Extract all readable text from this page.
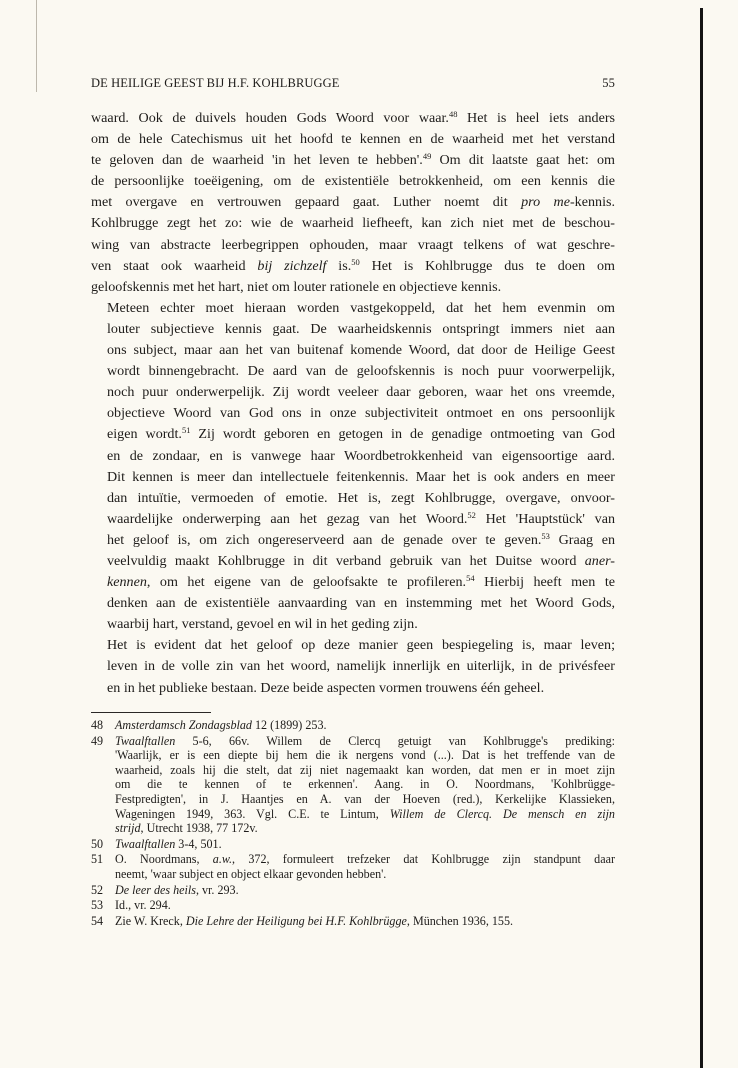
DE HEILIGE GEEST BIJ H.F. KOHLBRUGGE	55

waard. Ook de duivels houden Gods Woord voor waar.$^{48}$ Het is heel iets anders
om de hele Catechismus uit het hoofd te kennen en de waarheid met het verstand
te geloven dan de waarheid 'in het leven te hebben'.$^{49}$ Om dit laatste gaat het: om
de persoonlijke toeëigening, om de existentiële betrokkenheid, om een kennis die
met overgave en vertrouwen gepaard gaat. Luther noemt dit pro me-kennis.
Kohlbrugge zegt het zo: wie de waarheid liefheeft, kan zich niet met de beschou-
wing van abstracte leerbegrippen ophouden, maar vraagt telkens of wat geschre-
ven staat ook waarheid bij zichzelf is.$^{50}$ Het is Kohlbrugge dus te doen om
geloofskennis met het hart, niet om louter rationele en objectieve kennis.

Meteen echter moet hieraan worden vastgekoppeld, dat het hem evenmin om
louter subjectieve kennis gaat. De waarheidskennis ontspringt immers niet aan
ons subject, maar aan het van buitenaf komende Woord, dat door de Heilige Geest
wordt binnengebracht. De aard van de geloofskennis is noch puur voorwerpelijk,
noch puur onderwerpelijk. Zij wordt veeleer daar geboren, waar het ons vreemde,
objectieve Woord van God ons in onze subjectiviteit ontmoet en ons persoonlijk
eigen wordt.$^{51}$ Zij wordt geboren en getogen in de genadige ontmoeting van God
en de zondaar, en is vanwege haar Woordbetrokkenheid van eigensoortige aard.
Dit kennen is meer dan intellectuele feitenkennis. Maar het is ook anders en meer
dan intuïtie, vermoeden of emotie. Het is, zegt Kohlbrugge, overgave, onvoor-
waardelijke onderwerping aan het gezag van het Woord.$^{52}$ Het 'Hauptstück' van
het geloof is, om zich ongereserveerd aan de genade over te geven.$^{53}$ Graag en
veelvuldig maakt Kohlbrugge in dit verband gebruik van het Duitse woord aner-
kennen, om het eigene van de geloofsakte te profileren.$^{54}$ Hierbij heeft men te
denken aan de existentiële aanvaarding van en instemming met het Woord Gods,
waarbij hart, verstand, gevoel en wil in het geding zijn.

Het is evident dat het geloof op deze manier geen bespiegeling is, maar leven;
leven in de volle zin van het woord, namelijk innerlijk en uiterlijk, in de privésfeer
en in het publieke bestaan. Deze beide aspecten vormen trouwens één geheel.

48 Amsterdamsch Zondagsblad 12 (1899) 253.
49 Twaalftallen 5-6, 66v. Willem de Clercq getuigt van Kohlbrugge's prediking:
'Waarlijk, er is een diepte bij hem die ik nergens vond (...). Dat is het treffende van de
waarheid, zoals hij die stelt, dat zij niet nagemaakt kan worden, dat men er in moet zijn
om die te kennen of te erkennen'. Aang. in O. Noordmans, 'Kohlbrügge-
Festpredigten', in J. Haantjes en A. van der Hoeven (red.), Kerkelijke Klassieken,
Wageningen 1949, 363. Vgl. C.E. te Lintum, Willem de Clercq. De mensch en zijn
strijd, Utrecht 1938, 77 172v.
50 Twaalftallen 3-4, 501.
51 O. Noordmans, a.w., 372, formuleert trefzeker dat Kohlbrugge zijn standpunt daar
neemt, 'waar subject en object elkaar gevonden hebben'.
52 De leer des heils, vr. 293.
53 Id., vr. 294.
54 Zie W. Kreck, Die Lehre der Heiligung bei H.F. Kohlbrügge, München 1936, 155.
